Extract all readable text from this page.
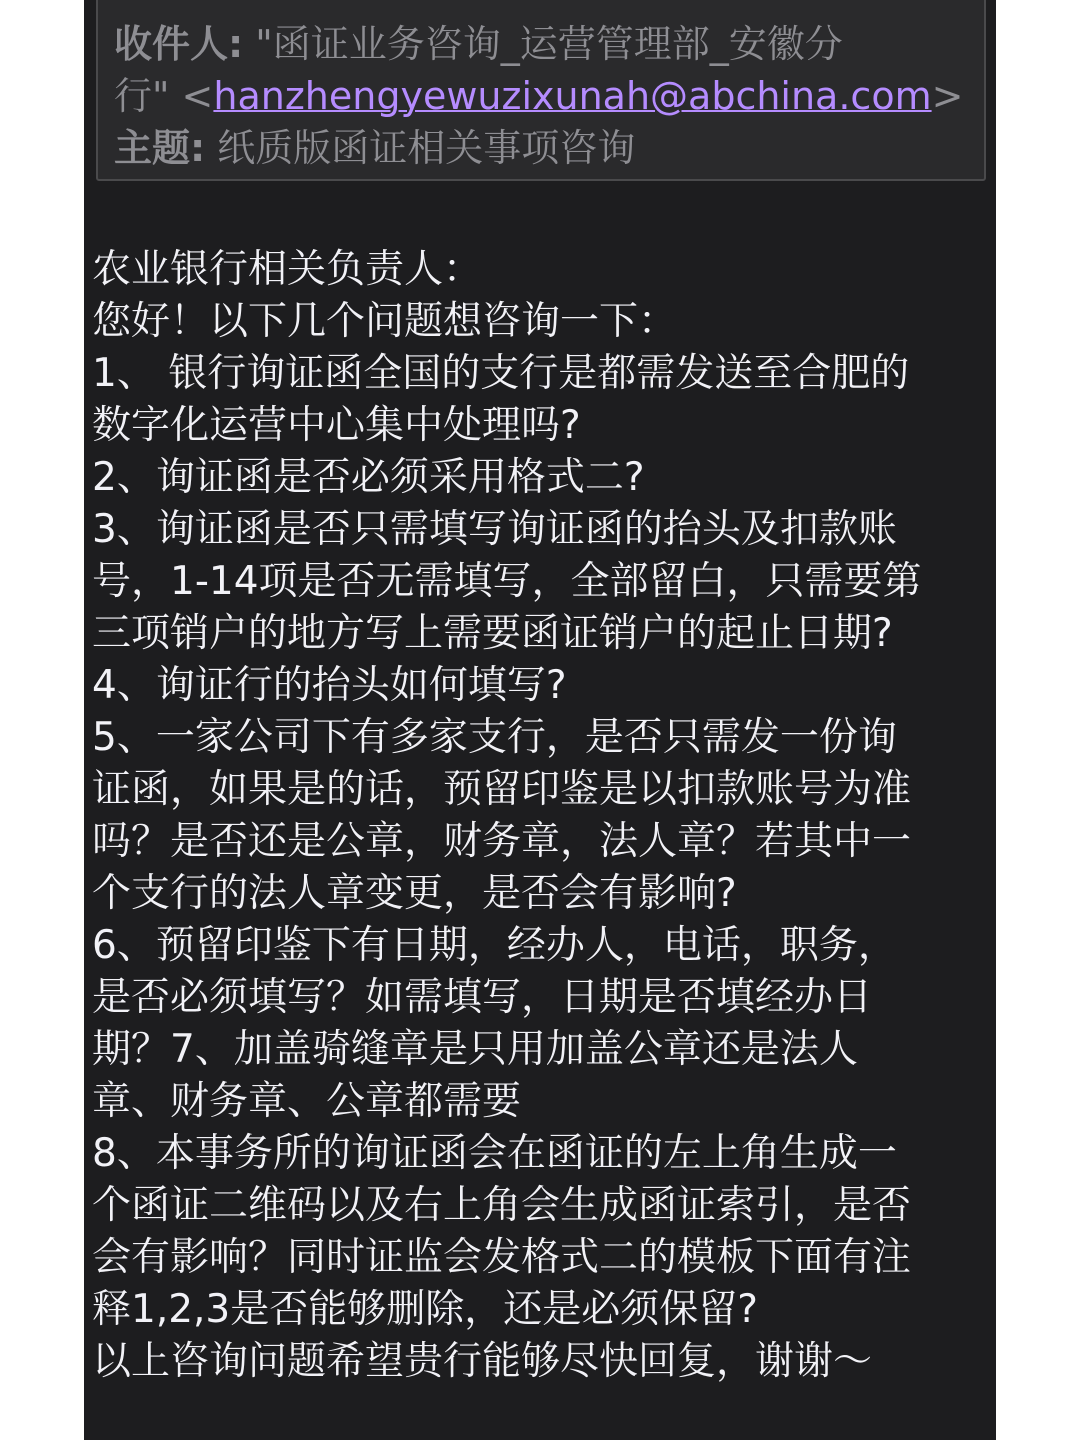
收件人: "函证业务咨询_运营管理部_安徽分
行" <hanzhengyewuzixunah@abchina.com>
主题: 纸质版函证相关事项咨询
农业银行相关负责人：
您好！以下几个问题想咨询一下：
1、 银行询证函全国的支行是都需发送至合肥的
数字化运营中心集中处理吗?
2、询证函是否必须采用格式二?
3、询证函是否只需填写询证函的抬头及扣款账
号，1-14项是否无需填写，全部留白，只需要第
三项销户的地方写上需要函证销户的起止日期?
4、询证行的抬头如何填写?
5、一家公司下有多家支行，是否只需发一份询
证函，如果是的话，预留印鉴是以扣款账号为准
吗？是否还是公章，财务章，法人章？若其中一
个支行的法人章变更，是否会有影响?
6、预留印鉴下有日期，经办人，电话，职务，
是否必须填写？如需填写，日期是否填经办日
期？7、加盖骑缝章是只用加盖公章还是法人
章、财务章、公章都需要
8、本事务所的询证函会在函证的左上角生成一
个函证二维码以及右上角会生成函证索引，是否
会有影响？同时证监会发格式二的模板下面有注
释1,2,3是否能够删除，还是必须保留?
以上咨询问题希望贵行能够尽快回复，谢谢～
